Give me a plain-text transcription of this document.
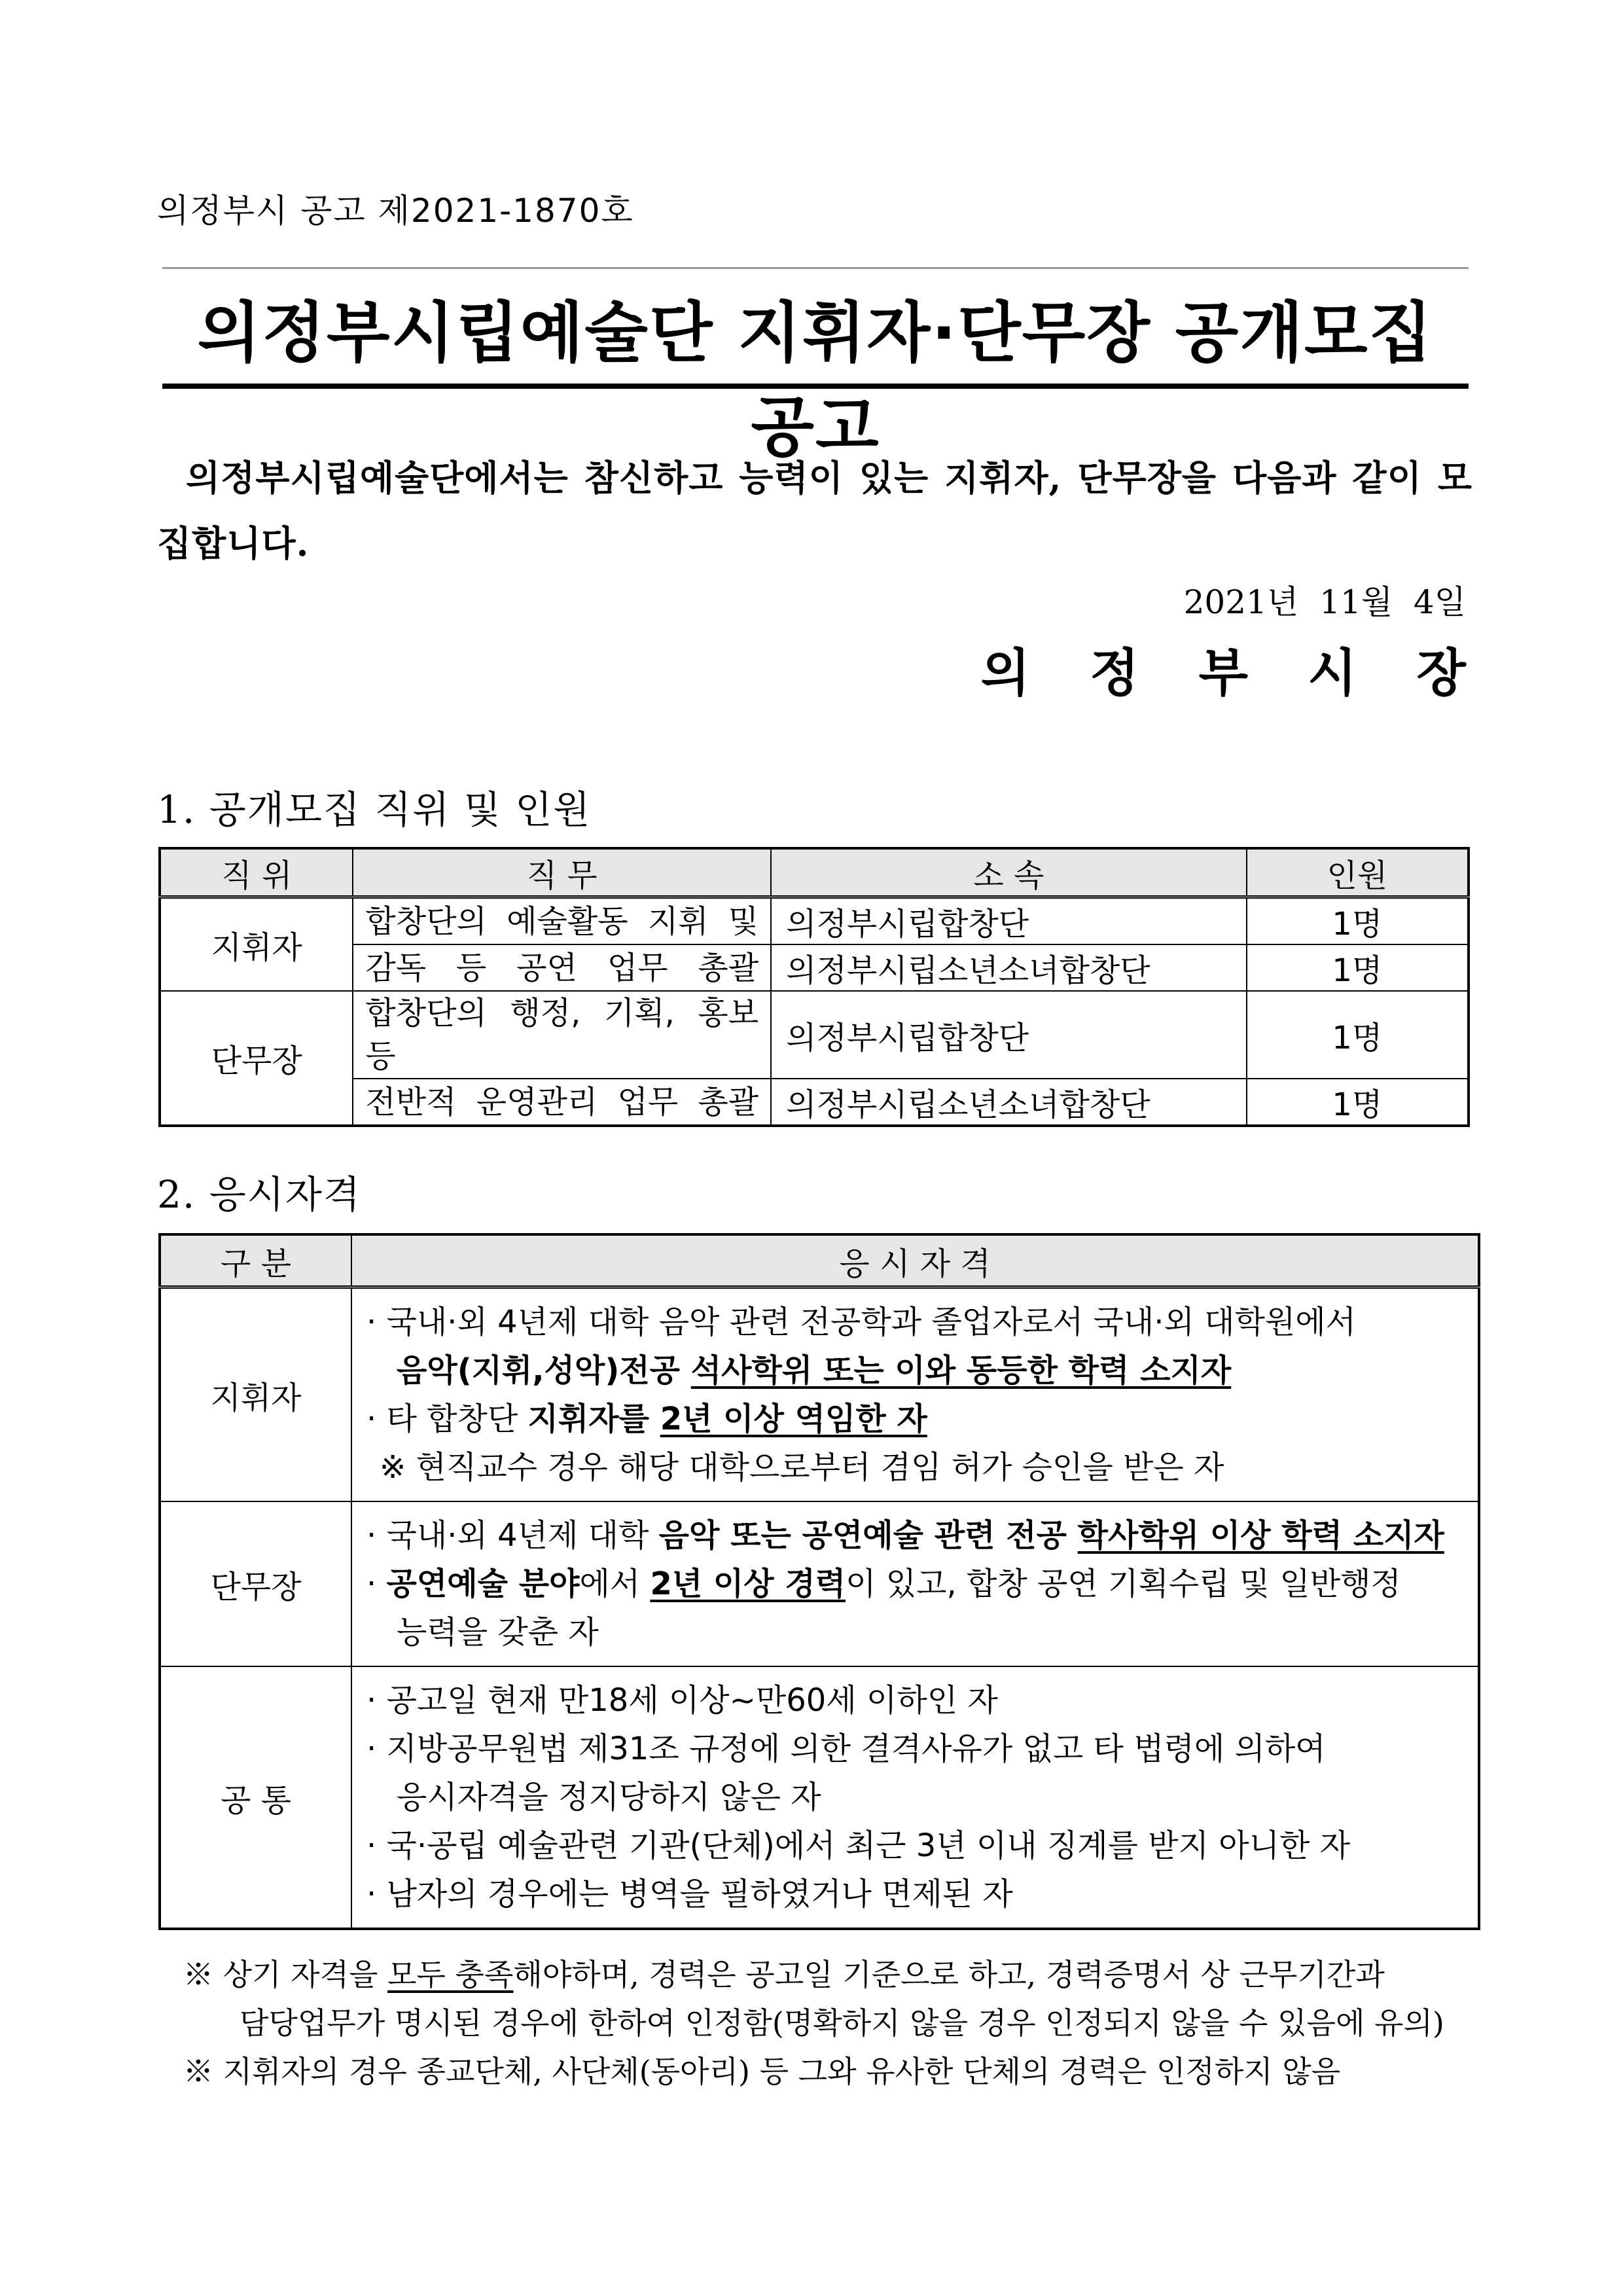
의정부시 공고 제2021-1870호
의정부시립예술단 지휘자·단무장 공개모집 공고
의정부시립예술단에서는 참신하고 능력이 있는 지휘자, 단무장을 다음과 같이 모집합니다.
2021년 11월 4일
의 정 부 시 장
1. 공개모집 직위 및 인원
직 위	직 무	소 속	인원
지휘자	합창단의 예술활동 지휘 및	의정부시립합창단	1명
	감독 등 공연 업무 총괄	의정부시립소년소녀합창단	1명
단무장	합창단의 행정, 기획, 홍보 등	의정부시립합창단	1명
	전반적 운영관리 업무 총괄	의정부시립소년소녀합창단	1명
2. 응시자격
구 분	응 시 자 격
지휘자	· 국내·외 4년제 대학 음악 관련 전공학과 졸업자로서 국내·외 대학원에서
음악(지휘,성악)전공 석사학위 또는 이와 동등한 학력 소지자
· 타 합창단 지휘자를 2년 이상 역임한 자
※ 현직교수 경우 해당 대학으로부터 겸임 허가 승인을 받은 자

단무장	· 국내·외 4년제 대학 음악 또는 공연예술 관련 전공 학사학위 이상 학력 소지자
· 공연예술 분야에서 2년 이상 경력이 있고, 합창 공연 기획수립 및 일반행정
능력을 갖춘 자

공 통	· 공고일 현재 만18세 이상~만60세 이하인 자
· 지방공무원법 제31조 규정에 의한 결격사유가 없고 타 법령에 의하여
응시자격을 정지당하지 않은 자
· 국·공립 예술관련 기관(단체)에서 최근 3년 이내 징계를 받지 아니한 자
· 남자의 경우에는 병역을 필하였거나 면제된 자

※ 상기 자격을 모두 충족해야하며, 경력은 공고일 기준으로 하고, 경력증명서 상 근무기간과

담당업무가 명시된 경우에 한하여 인정함(명확하지 않을 경우 인정되지 않을 수 있음에 유의)

※ 지휘자의 경우 종교단체, 사단체(동아리) 등 그와 유사한 단체의 경력은 인정하지 않음
